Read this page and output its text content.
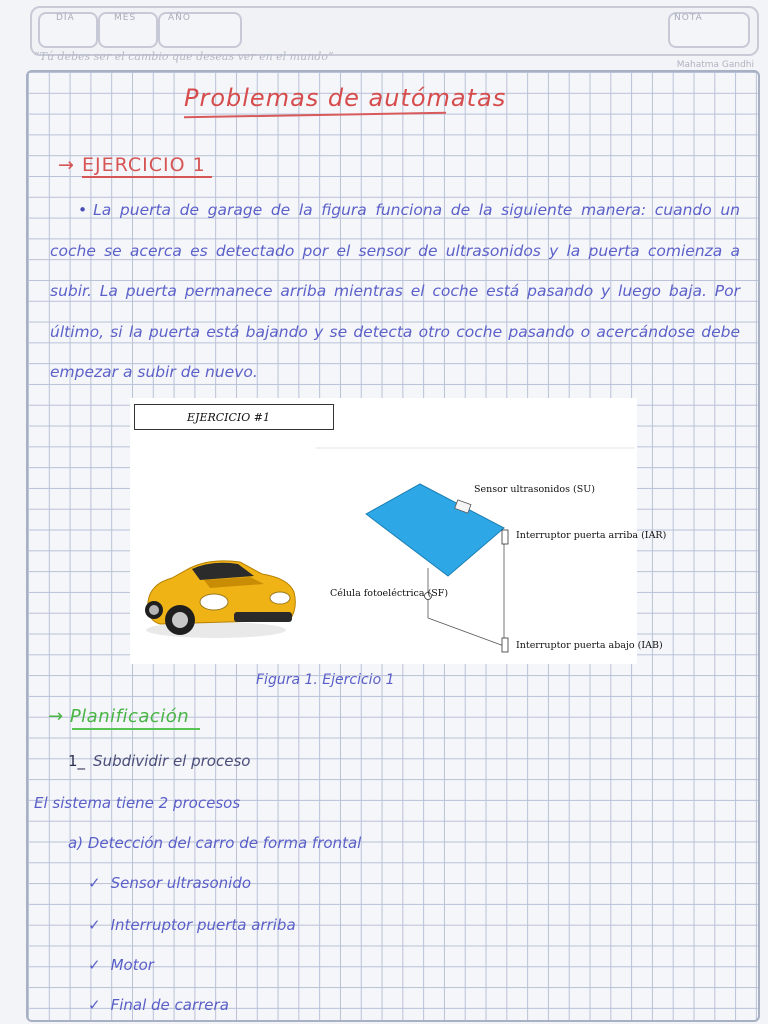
DÍA	MES	AÑO	NOTA
“Tú debes ser el cambio que deseas ver en el mundo”
Mahatma Gandhi
Problemas de autómatas
→ EJERCICIO 1
• La puerta de garage de la figura funciona de la siguiente manera: cuando un coche se acerca es detectado por el sensor de ultrasonidos y la puerta comienza a subir. La puerta permanece arriba mientras el coche está pasando y luego baja. Por último, si la puerta está bajando y se detecta otro coche pasando o acercándose debe empezar a subir de nuevo.
EJERCICIO #1
Sensor ultrasonidos (SU)
Interruptor puerta arriba (IAR)
Célula fotoeléctrica (SF)
Interruptor puerta abajo (IAB)
Figura 1. Ejercicio 1
→ Planificación
1_ Subdividir el proceso
El sistema tiene 2 procesos
a) Detección del carro de forma frontal
✓ Sensor ultrasonido
✓ Interruptor puerta arriba
✓ Motor
✓ Final de carrera
